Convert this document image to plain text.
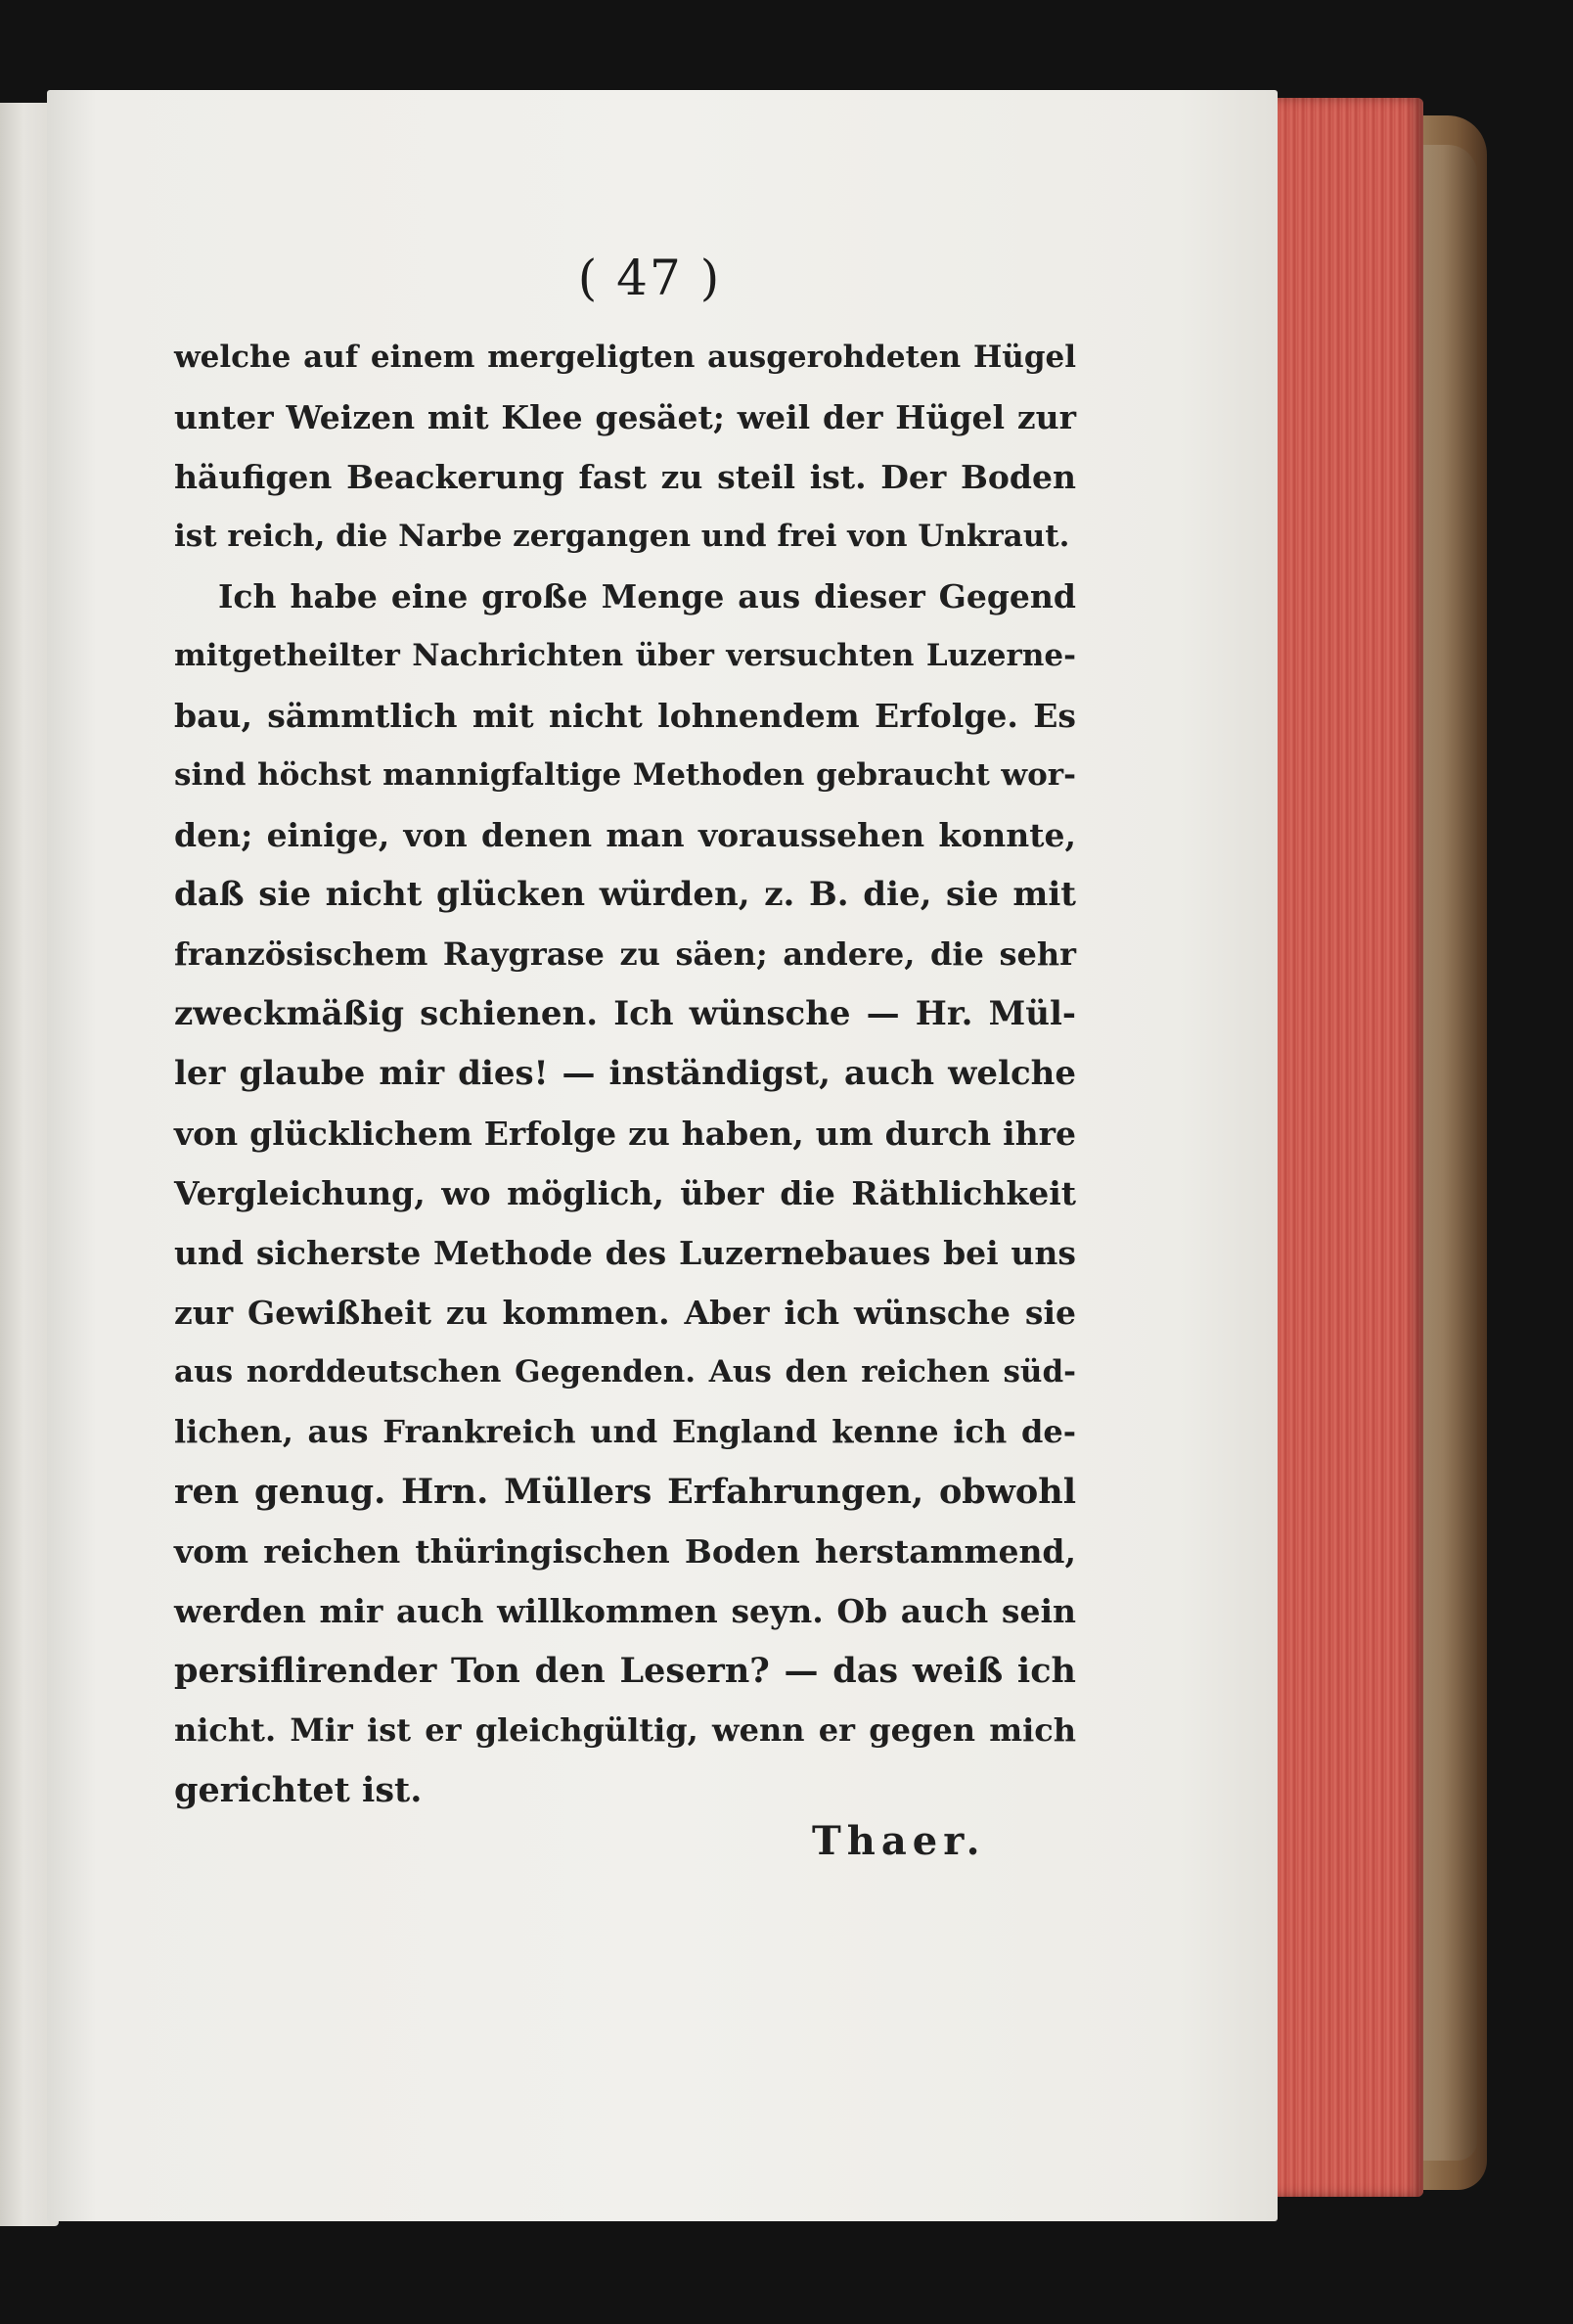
( 47 )
welche auf einem mergeligten ausgerohdeten Hügel
unter Weizen mit Klee gesäet; weil der Hügel zur
häufigen Beackerung fast zu steil ist. Der Boden
ist reich, die Narbe zergangen und frei von Unkraut.
Ich habe eine große Menge aus dieser Gegend
mitgetheilter Nachrichten über versuchten Luzerne-
bau, sämmtlich mit nicht lohnendem Erfolge. Es
sind höchst mannigfaltige Methoden gebraucht wor-
den; einige, von denen man voraussehen konnte,
daß sie nicht glücken würden, z. B. die, sie mit
französischem Raygrase zu säen; andere, die sehr
zweckmäßig schienen. Ich wünsche — Hr. Mül-
ler glaube mir dies! — inständigst, auch welche
von glücklichem Erfolge zu haben, um durch ihre
Vergleichung, wo möglich, über die Räthlichkeit
und sicherste Methode des Luzernebaues bei uns
zur Gewißheit zu kommen. Aber ich wünsche sie
aus norddeutschen Gegenden. Aus den reichen süd-
lichen, aus Frankreich und England kenne ich de-
ren genug. Hrn. Müllers Erfahrungen, obwohl
vom reichen thüringischen Boden herstammend,
werden mir auch willkommen seyn. Ob auch sein
persiflirender Ton den Lesern? — das weiß ich
nicht. Mir ist er gleichgültig, wenn er gegen mich
gerichtet ist.
Thaer.
